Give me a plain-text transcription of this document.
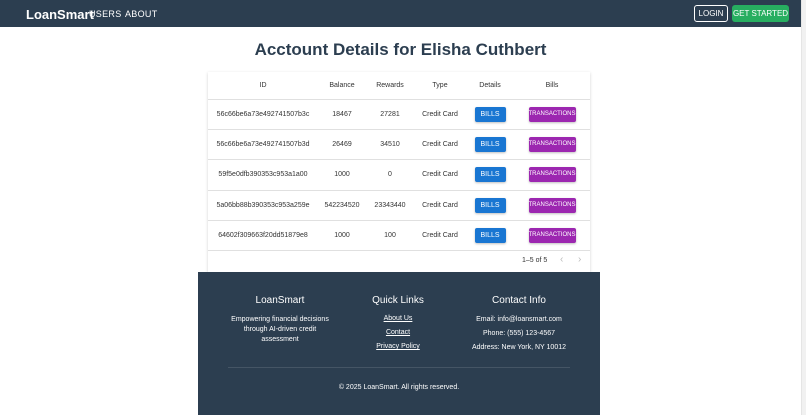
LoanSmart
USERS ABOUT	LOGIN	GET STARTED
Acctount Details for Elisha Cuthbert
ID	Balance	Rewards	Type	Details	Bills
56c66be6a73e492741507b3c	18467	27281	Credit Card	BILLS	TRANSACTIONS
56c66be6a73e492741507b3d	26469	34510	Credit Card	BILLS	TRANSACTIONS
59f5e0dfb390353c953a1a00	1000	0	Credit Card	BILLS	TRANSACTIONS
5a06bb88b390353c953a259e	542234520	23343440	Credit Card	BILLS	TRANSACTIONS
64602f309663f20dd51879e8	1000	100	Credit Card	BILLS	TRANSACTIONS
1–5 of 5 ‹ ›
LoanSmart

Empowering financial decisions

through AI-driven credit assessment

Quick Links
About Us
Contact
Privacy Policy
Contact Info

Email: info@loansmart.com

Phone: (555) 123-4567

Address: New York, NY 10012

© 2025 LoanSmart. All rights reserved.
